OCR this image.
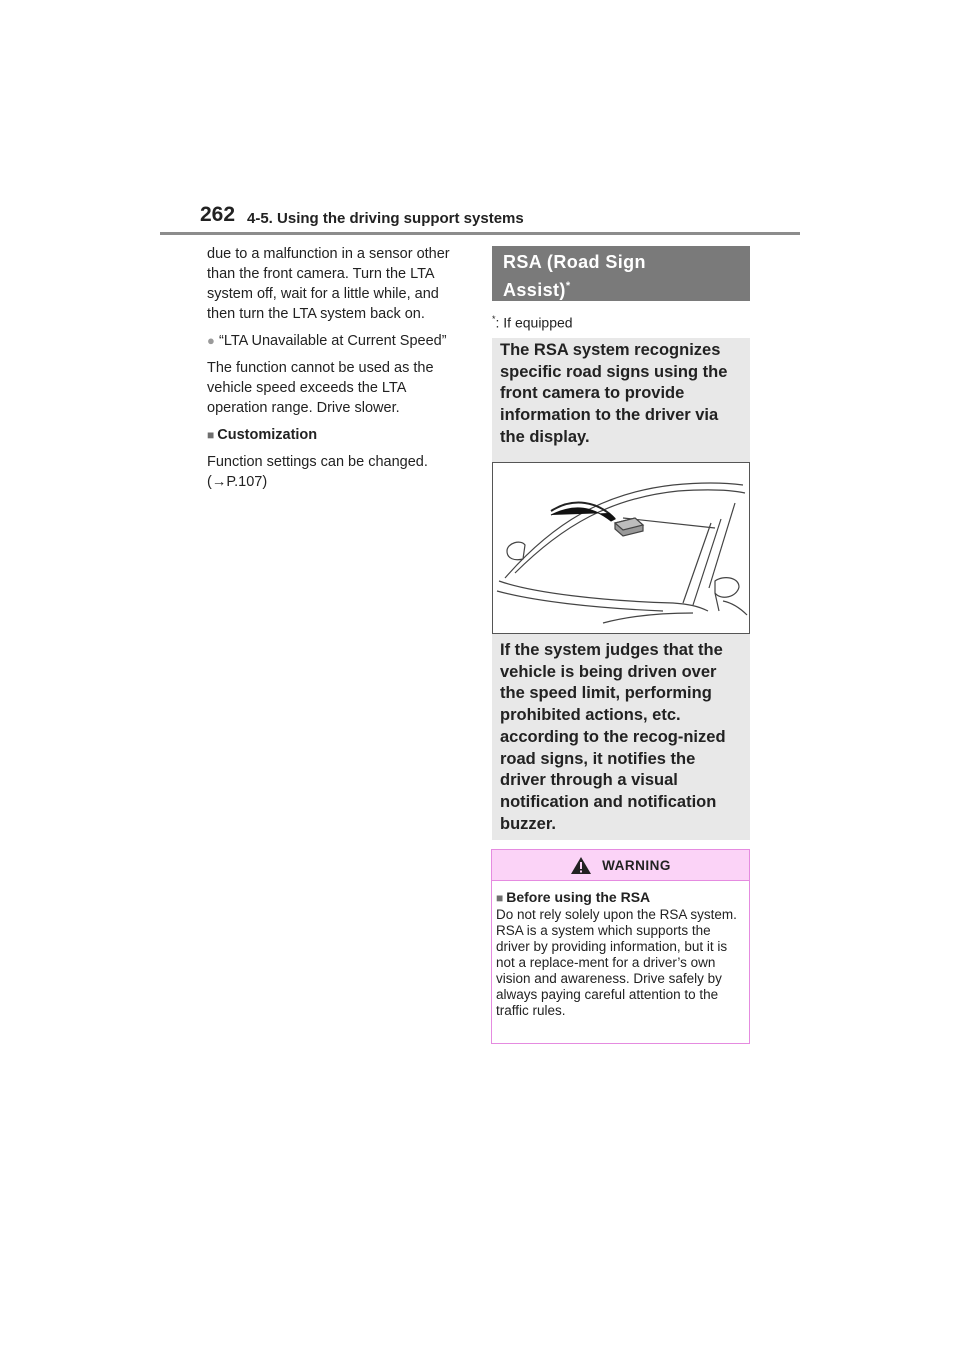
262 4-5. Using the driving support systems

due to a malfunction in a sensor other than the front camera. Turn the LTA system off, wait for a little while, and then turn the LTA system back on.

● “LTA Unavailable at Current Speed”

The function cannot be used as the vehicle speed exceeds the LTA operation range. Drive slower.

■ Customization

Function settings can be changed. (→P.107)

RSA (Road Sign
Assist)*
*: If equipped
The RSA system recognizes specific road signs using the front camera to provide information to the driver via the display.
If the system judges that the vehicle is being driven over the speed limit, performing prohibited actions, etc. according to the recog-nized road signs, it notifies the driver through a visual notification and notification buzzer.
WARNING
■ Before using the RSA
Do not rely solely upon the RSA system. RSA is a system which supports the driver by providing information, but it is not a replace-ment for a driver’s own vision and awareness. Drive safely by always paying careful attention to the traffic rules.
